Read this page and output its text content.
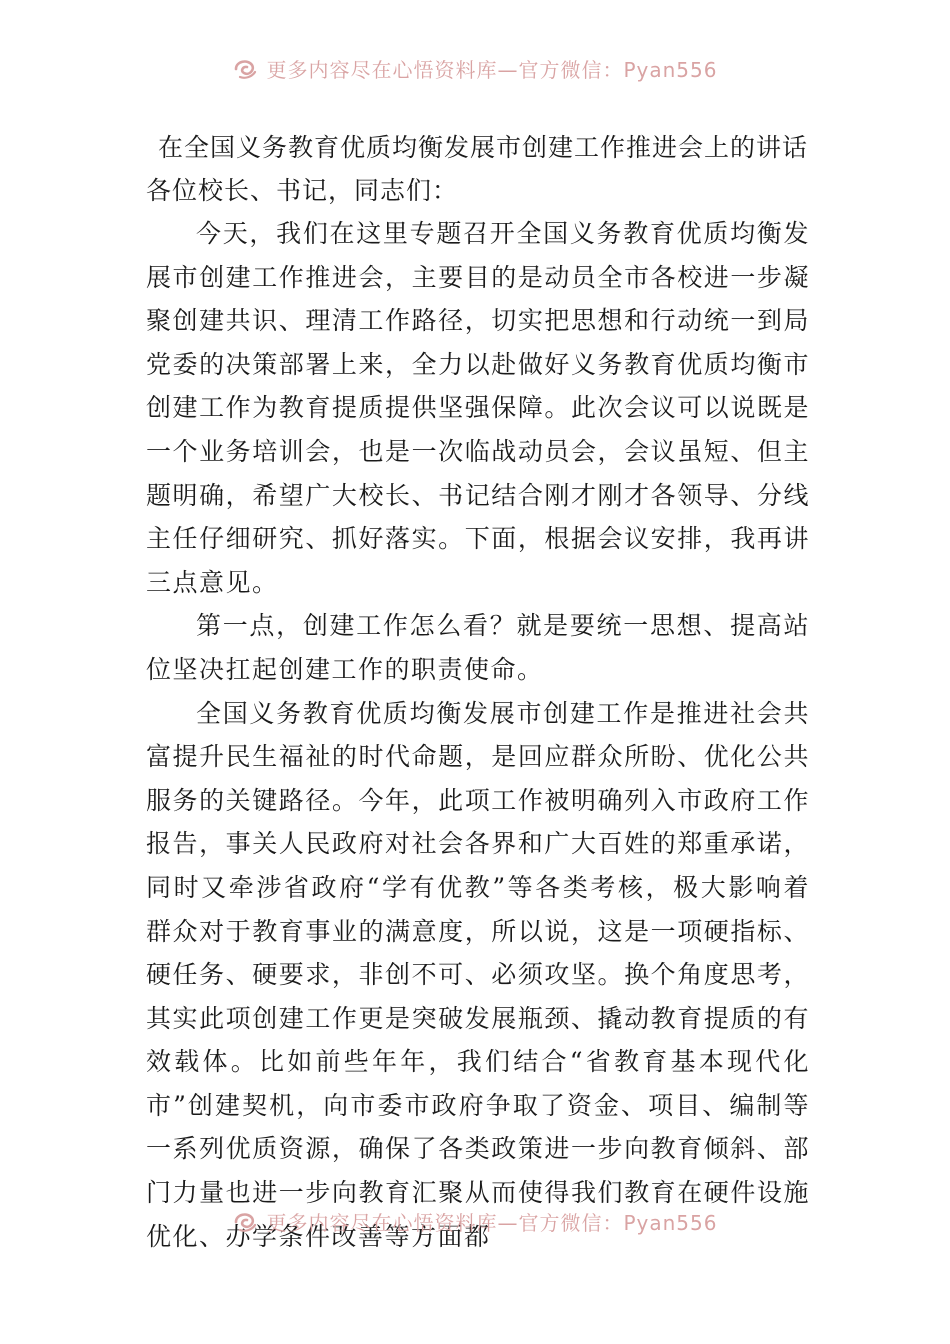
更多内容尽在心悟资料库—官方微信：Pyan556
在全国义务教育优质均衡发展市创建工作推进会上的讲话

各位校长、书记，同志们：

今天，我们在这里专题召开全国义务教育优质均衡发展市创建工作推进会，主要目的是动员全市各校进一步凝聚创建共识、理清工作路径，切实把思想和行动统一到局党委的决策部署上来，全力以赴做好义务教育优质均衡市创建工作为教育提质提供坚强保障。此次会议可以说既是一个业务培训会，也是一次临战动员会，会议虽短、但主题明确，希望广大校长、书记结合刚才刚才各领导、分线主任仔细研究、抓好落实。下面，根据会议安排，我再讲三点意见。

第一点，创建工作怎么看？就是要统一思想、提高站位坚决扛起创建工作的职责使命。

全国义务教育优质均衡发展市创建工作是推进社会共富提升民生福祉的时代命题，是回应群众所盼、优化公共服务的关键路径。今年，此项工作被明确列入市政府工作报告，事关人民政府对社会各界和广大百姓的郑重承诺，同时又牵涉省政府“学有优教”等各类考核，极大影响着群众对于教育事业的满意度，所以说，这是一项硬指标、硬任务、硬要求，非创不可、必须攻坚。换个角度思考，其实此项创建工作更是突破发展瓶颈、撬动教育提质的有效载体。比如前些年年，我们结合“省教育基本现代化市”创建契机，向市委市政府争取了资金、项目、编制等一系列优质资源，确保了各类政策进一步向教育倾斜、部门力量也进一步向教育汇聚从而使得我们教育在硬件设施优化、办学条件改善等方面都

更多内容尽在心悟资料库—官方微信：Pyan556
